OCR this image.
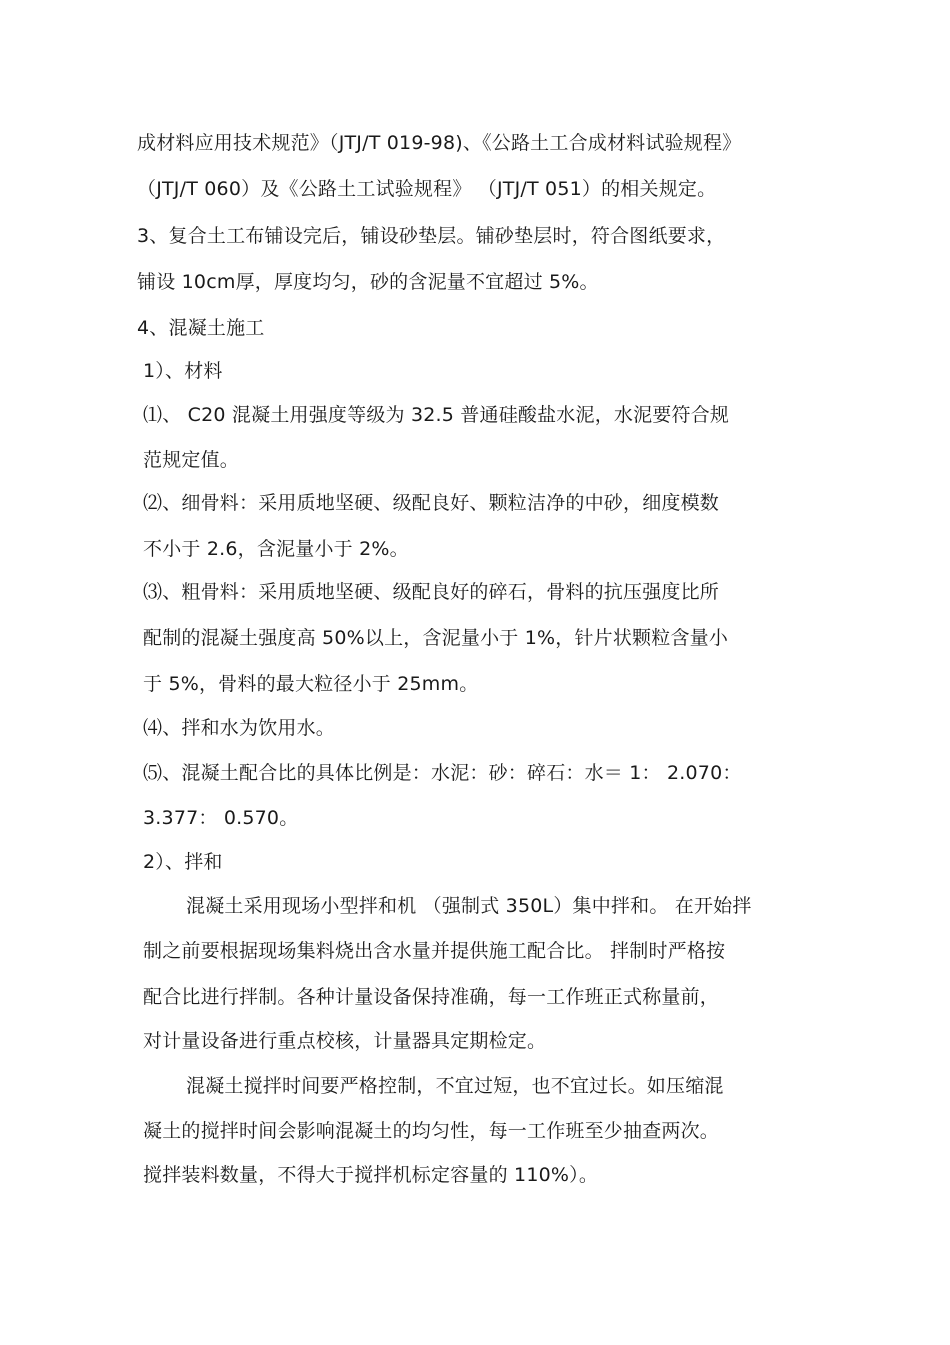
成材料应用技术规范》（JTJ/T 019-98)、《公路土工合成材料试验规程》
（JTJ/T 060）及《公路土工试验规程》 （JTJ/T 051）的相关规定。
3、复合土工布铺设完后，铺设砂垫层。铺砂垫层时，符合图纸要求，
铺设 10cm厚，厚度均匀，砂的含泥量不宜超过 5%。
4、混凝土施工
1）、材料
⑴、 C20 混凝土用强度等级为 32.5 普通硅酸盐水泥，水泥要符合规
范规定值。
⑵、细骨料：采用质地坚硬、级配良好、颗粒洁净的中砂，细度模数
不小于 2.6，含泥量小于 2%。
⑶、粗骨料：采用质地坚硬、级配良好的碎石，骨料的抗压强度比所
配制的混凝土强度高 50%以上，含泥量小于 1%，针片状颗粒含量小
于 5%，骨料的最大粒径小于 25mm。
⑷、拌和水为饮用水。
⑸、混凝土配合比的具体比例是：水泥：砂：碎石：水＝ 1： 2.070：
3.377： 0.570。
2）、拌和
混凝土采用现场小型拌和机 （强制式 350L）集中拌和。 在开始拌
制之前要根据现场集料烧出含水量并提供施工配合比。 拌制时严格按
配合比进行拌制。各种计量设备保持准确，每一工作班正式称量前，
对计量设备进行重点校核，计量器具定期检定。
混凝土搅拌时间要严格控制，不宜过短，也不宜过长。如压缩混
凝土的搅拌时间会影响混凝土的均匀性，每一工作班至少抽查两次。
搅拌装料数量，不得大于搅拌机标定容量的 110%）。
